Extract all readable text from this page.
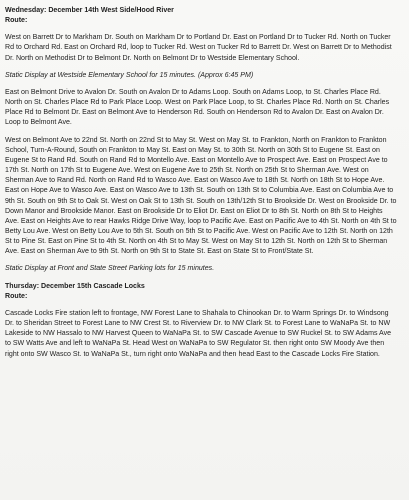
Wednesday: December 14th West Side/Hood River
Route:
West on Barrett Dr to Markham Dr. South on Markham Dr to Portland Dr. East on Portland Dr to Tucker Rd. North on Tucker Rd to Orchard Rd. East on Orchard Rd, loop to Tucker Rd. West on Tucker Rd to Barrett Dr. West on Barrett Dr to Methodist Dr. North on Methodist Dr to Belmont Dr. North on Belmont Dr to Westside Elementary School.
Static Display at Westside Elementary School for 15 minutes. (Approx 6:45 PM)
East on Belmont Drive to Avalon Dr. South on Avalon Dr to Adams Loop. South on Adams Loop, to St. Charles Place Rd. North on St. Charles Place Rd to Park Place Loop. West on Park Place Loop, to St. Charles Place Rd. North on St. Charles Place Rd to Belmont Dr. East on Belmont Ave to Henderson Rd. South on Henderson Rd to Avalon Dr. East on Avalon Dr. Loop to Belmont Ave.
West on Belmont Ave to 22nd St. North on 22nd St to May St. West on May St. to Frankton, North on Frankton to Frankton School, Turn-A-Round, South on Frankton to May St. East on May St. to 30th St. North on 30th St to Eugene St. East on Eugene St to Rand Rd. South on Rand Rd to Montello Ave. East on Montello Ave to Prospect Ave. East on Prospect Ave to 17th St. North on 17th St to Eugene Ave. West on Eugene Ave to 25th St. North on 25th St to Sherman Ave. West on Sherman Ave to Rand Rd. North on Rand Rd to Wasco Ave. East on Wasco Ave to 18th St. North on 18th St to Hope Ave. East on Hope Ave to Wasco Ave. East on Wasco Ave to 13th St. South on 13th St to Columbia Ave. East on Columbia Ave to 9th St. South on 9th St to Oak St. West on Oak St to 13th St. South on 13th/12th St to Brookside Dr. West on Brookside Dr. to Down Manor and Brookside Manor. East on Brookside Dr to Eliot Dr. East on Eliot Dr to 8th St. North on 8th St to Heights Ave. East on Heights Ave to rear Hawks Ridge Drive Way, loop to Pacific Ave. East on Pacific Ave to 4th St. North on 4th St to Betty Lou Ave. West on Betty Lou Ave to 5th St. South on 5th St to Pacific Ave. West on Pacific Ave to 12th St. North on 12th St to Pine St. East on Pine St to 4th St. North on 4th St to May St. West on May St to 12th St. North on 12th St to Sherman Ave. East on Sherman Ave to 9th St. North on 9th St to State St. East on State St to Front/State St.
Static Display at Front and State Street Parking lots for 15 minutes.
Thursday: December 15th Cascade Locks
Route:
Cascade Locks Fire station left to frontage, NW Forest Lane to Shahala to Chinookan Dr. to Warm Springs Dr. to Windsong Dr. to Sheridan Street to Forest Lane to NW Crest St. to Riverview Dr. to NW Clark St. to Forest Lane to WaNaPa St. to NW Lakeside to NW Hassalo to NW Harvest Queen to WaNaPa St. to SW Cascade Avenue to SW Ruckel St. to SW Adams Ave to SW Watts Ave and left to WaNaPa St. Head West on WaNaPa to SW Regulator St. then right onto SW Moody Ave then right onto SW Wasco St. to WaNaPa St., turn right onto WaNaPa and then head East to the Cascade Locks Fire Station.
